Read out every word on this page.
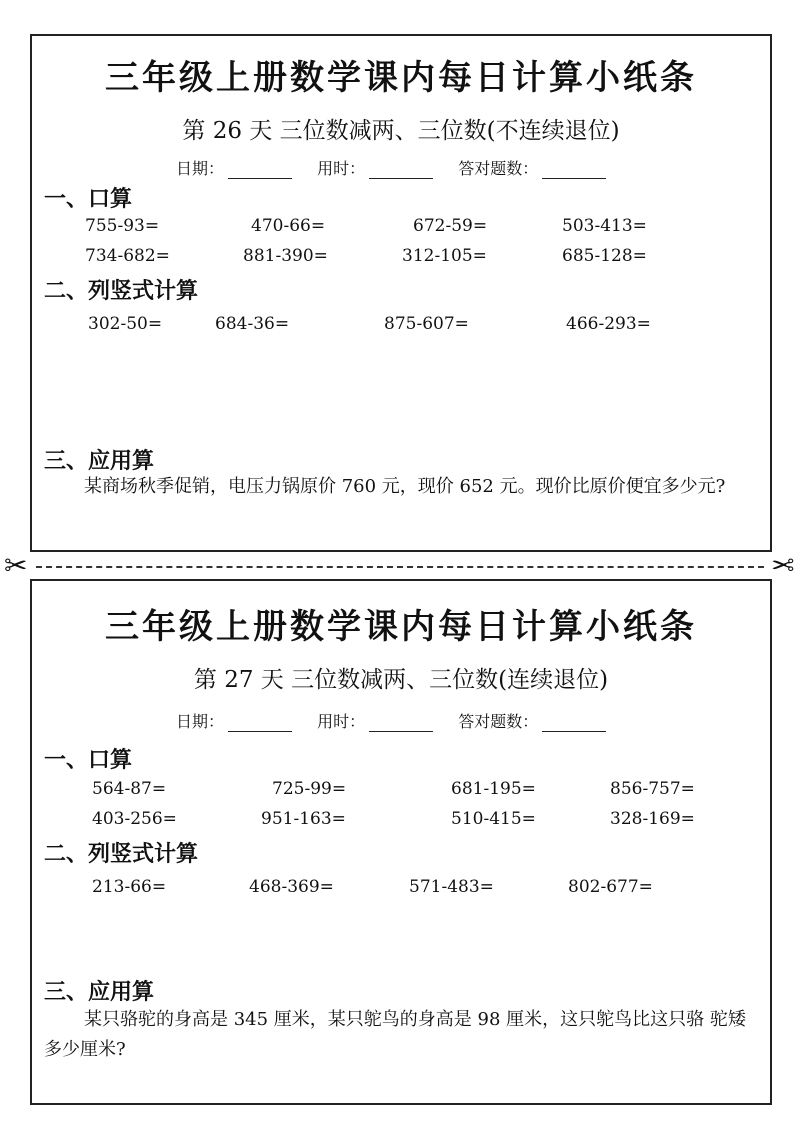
三年级上册数学课内每日计算小纸条
第 26 天 三位数减两、三位数(不连续退位)
日期：	用时：	答对题数：
一、口算
755-93=	470-66=	672-59=	503-413=
734-682=	881-390=	312-105=	685-128=
二、列竖式计算
302-50=	684-36=	875-607=	466-293=
三、应用算
某商场秋季促销，电压力锅原价 760 元，现价 652 元。现价比原价便宜多少元?
✂	✂
三年级上册数学课内每日计算小纸条
第 27 天 三位数减两、三位数(连续退位)
日期：	用时：	答对题数：
一、口算
564-87=	725-99=	681-195=	856-757=
403-256=	951-163=	510-415=	328-169=
二、列竖式计算
213-66=	468-369=	571-483=	802-677=
三、应用算
某只骆驼的身高是 345 厘米，某只鸵鸟的身高是 98 厘米，这只鸵鸟比这只骆 驼矮多少厘米?
